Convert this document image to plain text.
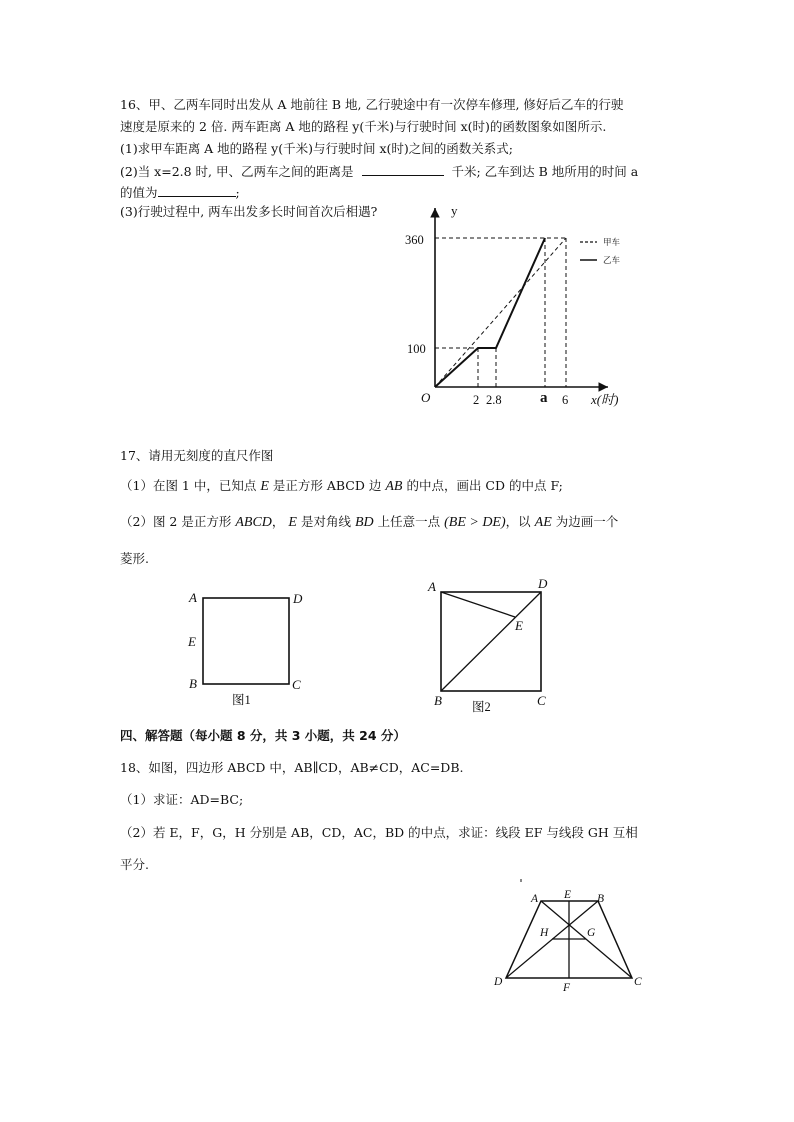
16、甲、乙两车同时出发从 A 地前往 B 地, 乙行驶途中有一次停车修理, 修好后乙车的行驶
速度是原来的 2 倍. 两车距离 A 地的路程 y(千米)与行驶时间 x(时)的函数图象如图所示.
(1)求甲车距离 A 地的路程 y(千米)与行驶时间 x(时)之间的函数关系式;
(2)当 x=2.8 时, 甲、乙两车之间的距离是	千米; 乙车到达 B 地所用的时间 a
的值为	;
(3)行驶过程中, 两车出发多长时间首次后相遇?
甲车
乙车
y
x(时)
O
360
100
2 2.8	a 6
17、请用无刻度的直尺作图
（1）在图 1 中，已知点 E 是正方形 ABCD 边 AB 的中点，画出 CD 的中点 F;
（2）图 2 是正方形 ABCD， E 是对角线 BD 上任意一点 (BE > DE)，以 AE 为边画一个
菱形.
A	D
E
B	C
图1
A	D
E
B	C
图2
四、解答题（每小题 8 分，共 3 小题，共 24 分）
18、如图，四边形 ABCD 中，AB∥CD，AB≠CD，AC=DB.
（1）求证：AD=BC;
（2）若 E，F，G，H 分别是 AB，CD，AC，BD 的中点，求证：线段 EF 与线段 GH 互相
平分.
A E B
H	G
D	F	C
